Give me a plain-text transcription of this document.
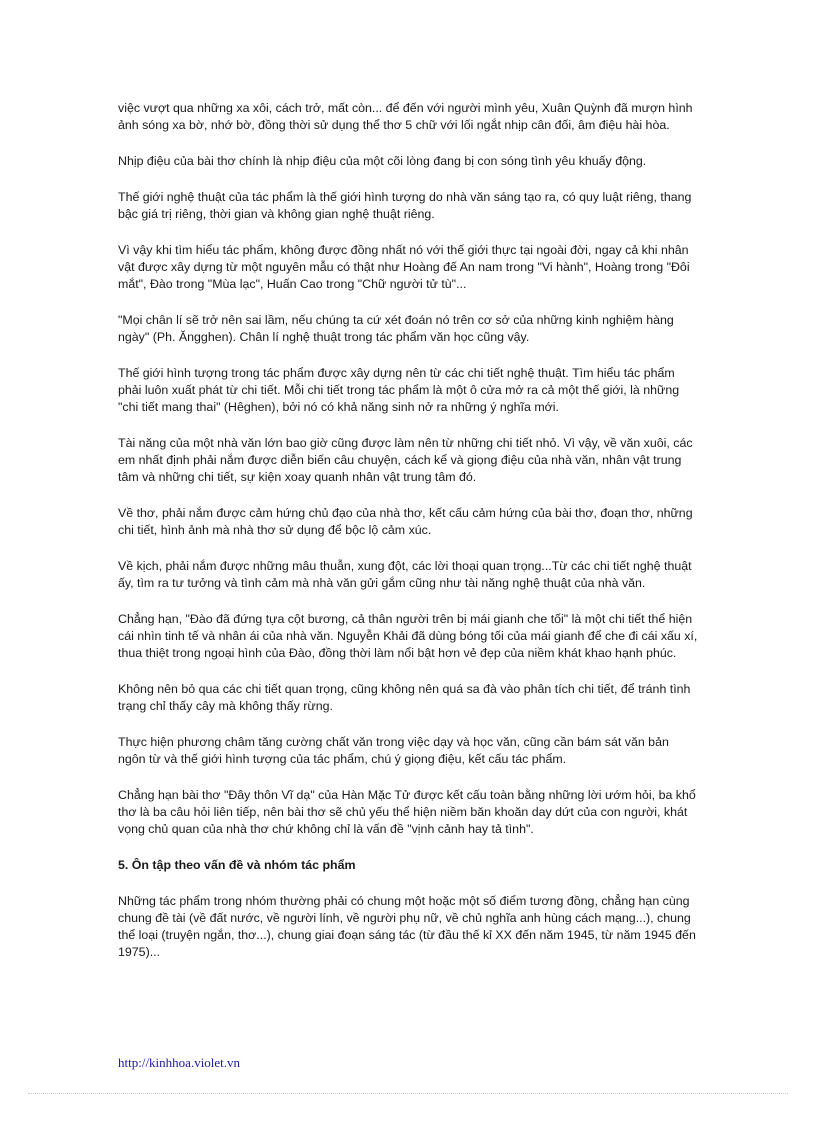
việc vượt qua những xa xôi, cách trở, mất còn... để đến với người mình yêu, Xuân Quỳnh đã mượn hình ảnh sóng xa bờ, nhớ bờ, đồng thời sử dụng thể thơ 5 chữ với lối ngắt nhịp cân đối, âm điệu hài hòa.

Nhịp điệu của bài thơ chính là nhịp điệu của một cõi lòng đang bị con sóng tình yêu khuấy động.

Thế giới nghệ thuật của tác phẩm là thế giới hình tượng do nhà văn sáng tạo ra, có quy luật riêng, thang bậc giá trị riêng, thời gian và không gian nghệ thuật riêng.

Vì vậy khi tìm hiểu tác phẩm, không được đồng nhất nó với thế giới thực tại ngoài đời, ngay cả khi nhân vật được xây dựng từ một nguyên mẫu có thật như Hoàng đế An nam trong "Vi hành", Hoàng trong "Đôi mắt", Đào trong "Mùa lạc", Huấn Cao trong "Chữ người tử tù"...

"Mọi chân lí sẽ trở nên sai lầm, nếu chúng ta cứ xét đoán nó trên cơ sở của những kinh nghiệm hàng ngày" (Ph. Ăngghen). Chân lí nghệ thuật trong tác phẩm văn học cũng vậy.

Thế giới hình tượng trong tác phẩm được xây dựng nên từ các chi tiết nghệ thuật. Tìm hiểu tác phẩm phải luôn xuất phát từ chi tiết. Mỗi chi tiết trong tác phẩm là một ô cửa mở ra cả một thế giới, là những "chi tiết mang thai" (Hêghen), bởi nó có khả năng sinh nở ra những ý nghĩa mới.

Tài năng của một nhà văn lớn bao giờ cũng được làm nên từ những chi tiết nhỏ. Vì vậy, về văn xuôi, các em nhất định phải nắm được diễn biến câu chuyện, cách kể và giọng điệu của nhà văn, nhân vật trung tâm và những chi tiết, sự kiện xoay quanh nhân vật trung tâm đó.

Về thơ, phải nắm được cảm hứng chủ đạo của nhà thơ, kết cấu cảm hứng của bài thơ, đoạn thơ, những chi tiết, hình ảnh mà nhà thơ sử dụng để bộc lộ cảm xúc.

Về kịch, phải nắm được những mâu thuẫn, xung đột, các lời thoại quan trọng...Từ các chi tiết nghệ thuật ấy, tìm ra tư tưởng và tình cảm mà nhà văn gửi gắm cũng như tài năng nghệ thuật của nhà văn.

Chẳng hạn, "Đào đã đứng tựa cột bương, cả thân người trên bị mái gianh che tối" là một chi tiết thể hiện cái nhìn tinh tế và nhân ái của nhà văn. Nguyễn Khải đã dùng bóng tối của mái gianh để che đi cái xấu xí, thua thiệt trong ngoại hình của Đào, đồng thời làm nổi bật hơn vẻ đẹp của niềm khát khao hạnh phúc.

Không nên bỏ qua các chi tiết quan trọng, cũng không nên quá sa đà vào phân tích chi tiết, để tránh tình trạng chỉ thấy cây mà không thấy rừng.

Thực hiện phương châm tăng cường chất văn trong việc dạy và học văn, cũng cần bám sát văn bản ngôn từ và thế giới hình tượng của tác phẩm, chú ý giọng điệu, kết cấu tác phẩm.

Chẳng hạn bài thơ "Đây thôn Vĩ dạ" của Hàn Mặc Tử được kết cấu toàn bằng những lời ướm hỏi, ba khổ thơ là ba câu hỏi liên tiếp, nên bài thơ sẽ chủ yếu thể hiện niềm băn khoăn day dứt của con người, khát vọng chủ quan của nhà thơ chứ không chỉ là vấn đề "vịnh cảnh hay tả tình".

5. Ôn tập theo vấn đề và nhóm tác phẩm

Những tác phẩm trong nhóm thường phải có chung một hoặc một số điểm tương đồng, chẳng hạn cùng chung đề tài (về đất nước, về người lính, về người phụ nữ, về chủ nghĩa anh hùng cách mạng...), chung thể loại (truyện ngắn, thơ...), chung giai đoạn sáng tác (từ đầu thế kỉ XX đến năm 1945, từ năm 1945 đến 1975)...

http://kinhhoa.violet.vn
